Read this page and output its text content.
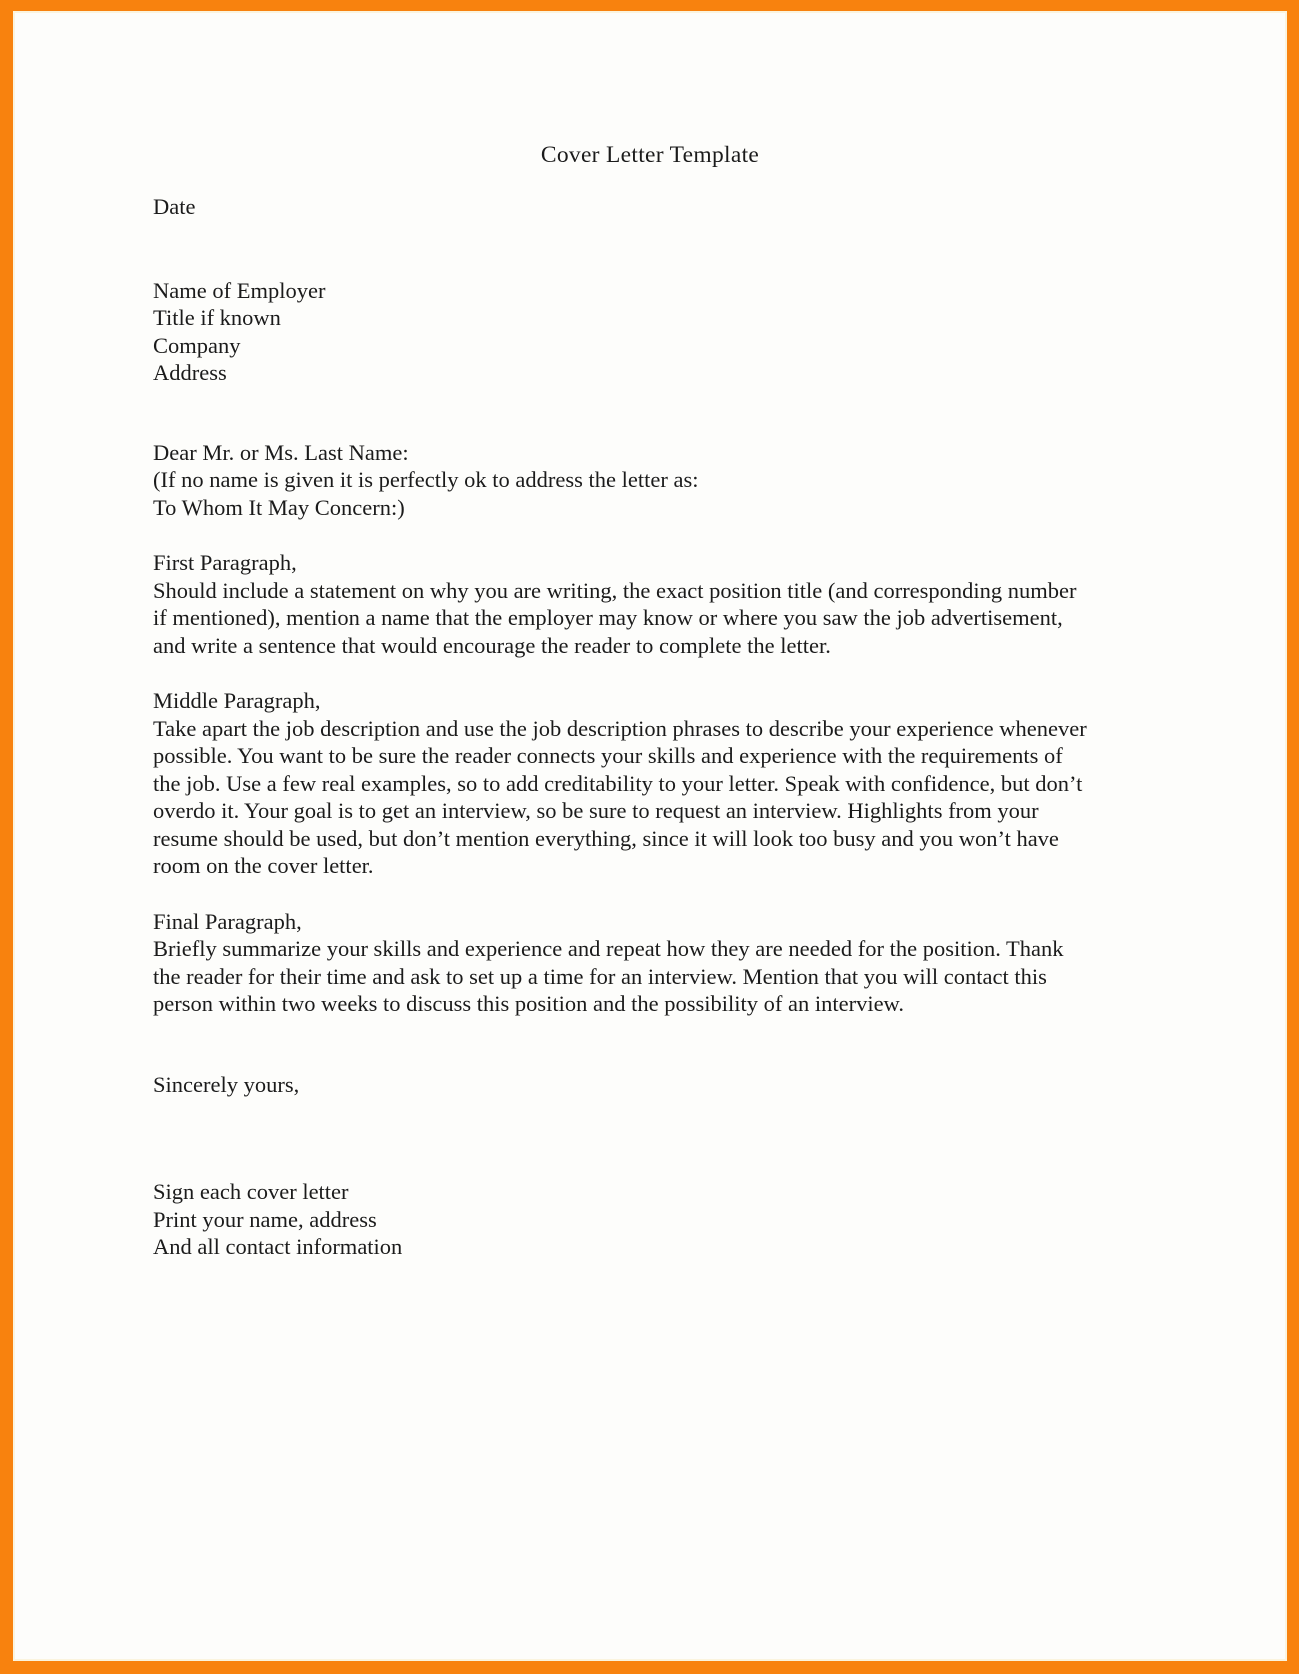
Cover Letter Template
Date
Name of Employer
Title if known
Company
Address
Dear Mr. or Ms. Last Name:
(If no name is given it is perfectly ok to address the letter as:
To Whom It May Concern:)
First Paragraph,
Should include a statement on why you are writing, the exact position title (and corresponding number if mentioned), mention a name that the employer may know or where you saw the job advertisement, and write a sentence that would encourage the reader to complete the letter.
Middle Paragraph,
Take apart the job description and use the job description phrases to describe your experience whenever possible. You want to be sure the reader connects your skills and experience with the requirements of the job. Use a few real examples, so to add creditability to your letter. Speak with confidence, but don’t overdo it. Your goal is to get an interview, so be sure to request an interview. Highlights from your resume should be used, but don’t mention everything, since it will look too busy and you won’t have room on the cover letter.
Final Paragraph,
Briefly summarize your skills and experience and repeat how they are needed for the position. Thank the reader for their time and ask to set up a time for an interview. Mention that you will contact this person within two weeks to discuss this position and the possibility of an interview.
Sincerely yours,
Sign each cover letter
Print your name, address
And all contact information
